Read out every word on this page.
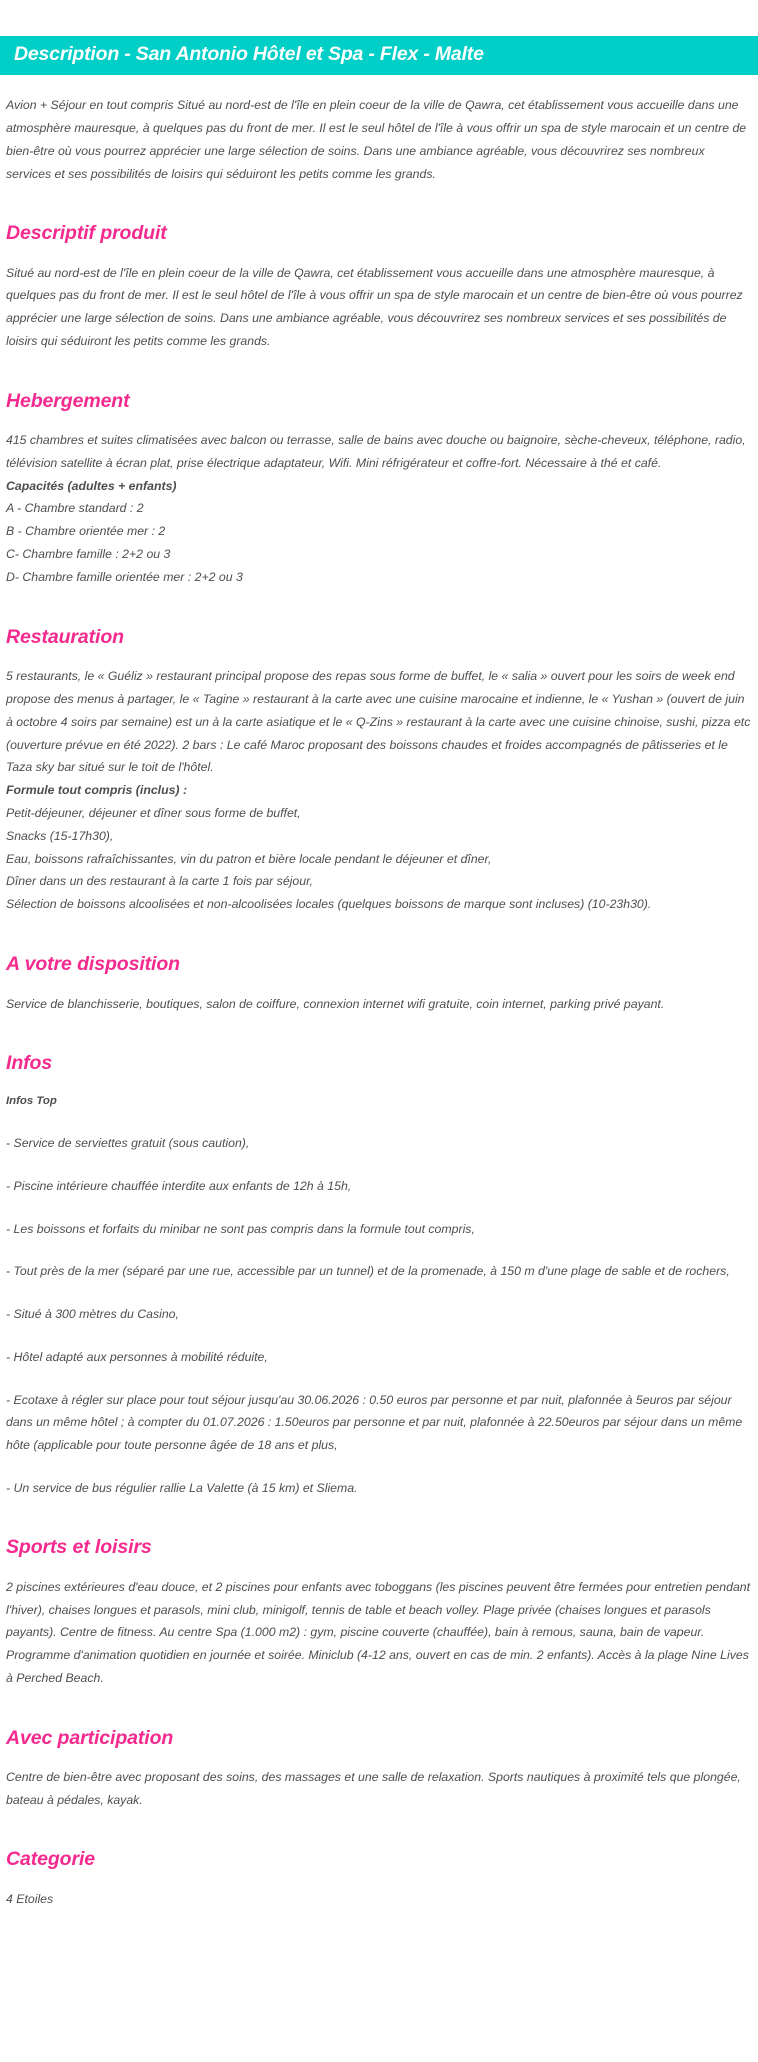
Description - San Antonio Hôtel et Spa - Flex - Malte

Avion + Séjour en tout compris Situé au nord-est de l'île en plein coeur de la ville de Qawra, cet établissement vous accueille dans une atmosphère mauresque, à quelques pas du front de mer. Il est le seul hôtel de l'île à vous offrir un spa de style marocain et un centre de bien-être où vous pourrez apprécier une large sélection de soins. Dans une ambiance agréable, vous découvrirez ses nombreux services et ses possibilités de loisirs qui séduiront les petits comme les grands.

Descriptif produit

Situé au nord-est de l'île en plein coeur de la ville de Qawra, cet établissement vous accueille dans une atmosphère mauresque, à quelques pas du front de mer. Il est le seul hôtel de l'île à vous offrir un spa de style marocain et un centre de bien-être où vous pourrez apprécier une large sélection de soins. Dans une ambiance agréable, vous découvrirez ses nombreux services et ses possibilités de loisirs qui séduiront les petits comme les grands.

Hebergement

415 chambres et suites climatisées avec balcon ou terrasse, salle de bains avec douche ou baignoire, sèche-cheveux, téléphone, radio, télévision satellite à écran plat, prise électrique adaptateur, Wifi. Mini réfrigérateur et coffre-fort. Nécessaire à thé et café.

Capacités (adultes + enfants)

A - Chambre standard : 2

B - Chambre orientée mer : 2

C- Chambre famille : 2+2 ou 3

D- Chambre famille orientée mer : 2+2 ou 3

Restauration

5 restaurants, le « Guéliz » restaurant principal propose des repas sous forme de buffet, le « salia » ouvert pour les soirs de week end propose des menus à partager, le « Tagine » restaurant à la carte avec une cuisine marocaine et indienne, le « Yushan » (ouvert de juin à octobre 4 soirs par semaine) est un à la carte asiatique et le « Q-Zins » restaurant à la carte avec une cuisine chinoise, sushi, pizza etc (ouverture prévue en été 2022). 2 bars : Le café Maroc proposant des boissons chaudes et froides accompagnés de pâtisseries et le Taza sky bar situé sur le toit de l'hôtel.

Formule tout compris (inclus) :

Petit-déjeuner, déjeuner et dîner sous forme de buffet,

Snacks (15-17h30),

Eau, boissons rafraîchissantes, vin du patron et bière locale pendant le déjeuner et dîner,

Dîner dans un des restaurant à la carte 1 fois par séjour,

Sélection de boissons alcoolisées et non-alcoolisées locales (quelques boissons de marque sont incluses) (10-23h30).

A votre disposition

Service de blanchisserie, boutiques, salon de coiffure, connexion internet wifi gratuite, coin internet, parking privé payant.

Infos

Infos Top

- Service de serviettes gratuit (sous caution),

- Piscine intérieure chauffée interdite aux enfants de 12h à 15h,

- Les boissons et forfaits du minibar ne sont pas compris dans la formule tout compris,

- Tout près de la mer (séparé par une rue, accessible par un tunnel) et de la promenade, à 150 m d'une plage de sable et de rochers,

- Situé à 300 mètres du Casino,

- Hôtel adapté aux personnes à mobilité réduite,

- Ecotaxe à régler sur place pour tout séjour jusqu'au 30.06.2026 : 0.50 euros par personne et par nuit, plafonnée à 5euros par séjour dans un même hôtel ; à compter du 01.07.2026 : 1.50euros par personne et par nuit, plafonnée à 22.50euros par séjour dans un même hôte (applicable pour toute personne âgée de 18 ans et plus,

- Un service de bus régulier rallie La Valette (à 15 km) et Sliema.

Sports et loisirs

2 piscines extérieures d'eau douce, et 2 piscines pour enfants avec toboggans (les piscines peuvent être fermées pour entretien pendant l'hiver), chaises longues et parasols, mini club, minigolf, tennis de table et beach volley. Plage privée (chaises longues et parasols payants). Centre de fitness. Au centre Spa (1.000 m2) : gym, piscine couverte (chauffée), bain à remous, sauna, bain de vapeur. Programme d'animation quotidien en journée et soirée. Miniclub (4-12 ans, ouvert en cas de min. 2 enfants). Accès à la plage Nine Lives à Perched Beach.

Avec participation

Centre de bien-être avec proposant des soins, des massages et une salle de relaxation. Sports nautiques à proximité tels que plongée, bateau à pédales, kayak.

Categorie

4 Etoiles
